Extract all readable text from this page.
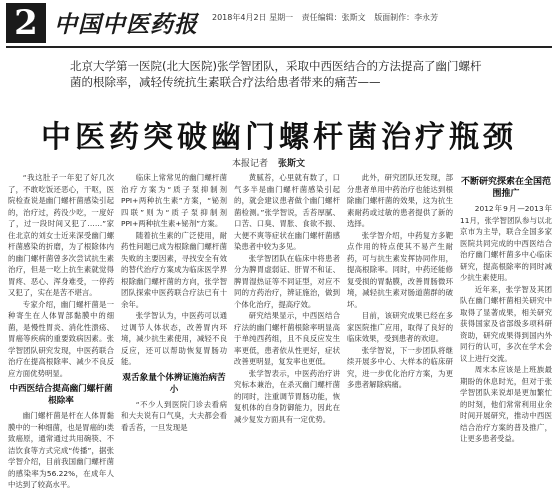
2 中国中医药报 2018年4月2日 星期一 责任编辑：张斯文 版面制作：李永芳
北京大学第一医院(北大医院)张学智团队，采取中西医结合的方法提高了幽门螺杆菌的根除率，减轻传统抗生素联合疗法给患者带来的痛苦——
中医药突破幽门螺杆菌治疗瓶颈
本报记者 张斯文

“我这肚子一年犯了好几次了，不敢吃饭还恶心，干呕，医院检查说是幽门螺杆菌感染引起的，治疗过，药没少吃，一度好了，过一段时间又犯了……”家住北京的刘女士近来深受幽门螺杆菌感染的折磨，为了根除体内的幽门螺杆菌曾多次尝试抗生素治疗，但是一吃上抗生素就觉得胃疼、恶心、浑身难受，一停药又犯了，实在是苦不堪言。

专家介绍，幽门螺杆菌是一种寄生在人体胃部黏膜中的细菌，是慢性胃炎、消化性溃疡、胃癌等疾病的重要致病因素。张学智团队研究发现，中医药联合治疗在提高根除率、减少不良反应方面优势明显。

中西医结合提高幽门螺杆菌根除率

幽门螺杆菌是杆在人体胃黏膜中的一种细菌，也是胃癌的Ⅰ类致癌原，通常通过共用碗筷、不洁饮食等方式完成“传播”，据张学智介绍，目前我国幽门螺杆菌的感染率为56.22%，在成年人中达到了较高水平。

临床上常常见的幽门螺杆菌治疗方案为“质子泵抑制剂PPI+两种抗生素”方案，“铋剂四联”则为“质子泵抑制剂PPI+两种抗生素+铋剂”方案。

随着抗生素的广泛使用，耐药性问题已成为根除幽门螺杆菌失败的主要因素，寻找安全有效的替代治疗方案成为临床医学界根除幽门螺杆菌的方向，张学智团队探索中医药联合疗法已有十余年。

张学智认为，中医药可以通过调节人体状态，改善胃内环境，减少抗生素使用，减轻不良反应，还可以帮助恢复胃肠功能。

观舌象量个体辨证施治病苦小

“不少人到医院门诊去看病和大夫说有口气臭，大夫都会看看舌苔，一旦发现是

黄腻苔，心里就有数了，口气多半是幽门螺杆菌感染引起的，就会建议患者做个幽门螺杆菌检测。”张学智说，舌苔厚腻、口苦、口臭、胃胀、食欲不振、大便不爽等症状在幽门螺杆菌感染患者中较为多见。

张学智团队在临床中将患者分为脾胃虚弱证、肝胃不和证、脾胃湿热证等不同证型，对应不同的方药治疗，辨证施治，做到个体化治疗，提高疗效。

研究结果显示，中西医结合疗法的幽门螺杆菌根除率明显高于单纯西药组，且不良反应发生率更低，患者依从性更好，症状改善更明显，复发率也更低。

张学智表示，中医药治疗讲究标本兼治，在杀灭幽门螺杆菌的同时，注重调节胃肠功能，恢复机体的自身防御能力，因此在减少复发方面具有一定优势。

此外，研究团队还发现，部分患者单用中药治疗也能达到根除幽门螺杆菌的效果，这为抗生素耐药或过敏的患者提供了新的选择。

张学智介绍，中药复方多靶点作用的特点使其不易产生耐药，可与抗生素发挥协同作用，提高根除率。同时，中药还能修复受损的胃黏膜，改善胃肠微环境，减轻抗生素对肠道菌群的破坏。

目前，该研究成果已经在多家医院推广应用，取得了良好的临床效果，受到患者的欢迎。

张学智说，下一步团队将继续开展多中心、大样本的临床研究，进一步优化治疗方案，为更多患者解除病痛。

不断研究探索在全国范围推广

2012年9月—2013年11月，张学智团队参与以北京市为主导，联合全国多家医院共同完成的中西医结合治疗幽门螺杆菌多中心临床研究，提高根除率的同时减少抗生素使用。

近年来，张学智及其团队在幽门螺杆菌相关研究中取得了显著成果，相关研究获得国家及省部级多项科研资助，研究成果得到国内外同行的认可，多次在学术会议上进行交流。

周末本应该是上班族最期盼的休息时光，但对于张学智团队来说却是更加繁忙的时刻，他们常常利用业余时间开展研究，推动中西医结合治疗方案的普及推广，让更多患者受益。
